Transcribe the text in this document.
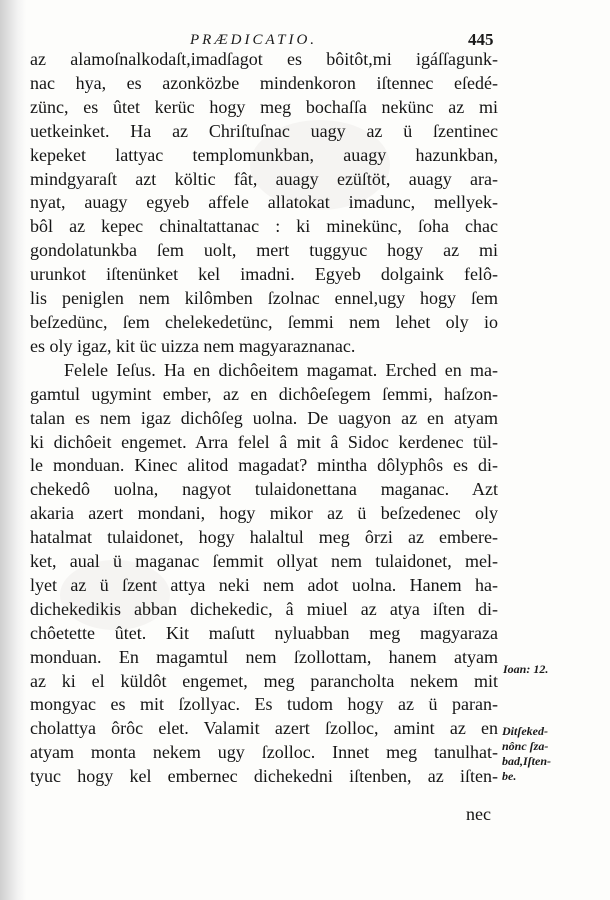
PRÆDICATIO.	445
az alamoſnalkodaſt,imadſagot es bôitôt,mi igáſſagunk-
nac hya, es azonközbe mindenkoron iſtennec eſedé-
zünc, es ûtet kerüc hogy meg bochaſſa nekünc az mi
uetkeinket. Ha az Chriſtuſnac uagy az ü ſzentinec
kepeket lattyac templomunkban, auagy hazunkban,
mindgyaraſt azt költic fât, auagy ezüſtöt, auagy ara-
nyat, auagy egyeb affele allatokat imadunc, mellyek-
bôl az kepec chinaltattanac : ki minekünc, ſoha chac
gondolatunkba ſem uolt, mert tuggyuc hogy az mi
urunkot iſtenünket kel imadni. Egyeb dolgaink felô-
lis peniglen nem kilômben ſzolnac ennel,ugy hogy ſem
beſzedünc, ſem chelekedetünc, ſemmi nem lehet oly io
es oly igaz, kit üc uizza nem magyaraznanac.
Felele Ieſus. Ha en dichôeitem magamat. Erched en ma-
gamtul ugymint ember, az en dichôeſegem ſemmi, haſzon-
talan es nem igaz dichôſeg uolna. De uagyon az en atyam
ki dichôeit engemet. Arra felel â mit â Sidoc kerdenec tül-
le monduan. Kinec alitod magadat? mintha dôlyphôs es di-
chekedô uolna, nagyot tulaidonettana maganac. Azt
akaria azert mondani, hogy mikor az ü beſzedenec oly
hatalmat tulaidonet, hogy halaltul meg ôrzi az embere-
ket, aual ü maganac ſemmit ollyat nem tulaidonet, mel-
lyet az ü ſzent attya neki nem adot uolna. Hanem ha-
dichekedikis abban dichekedic, â miuel az atya iſten di-
chôetette ûtet. Kit maſutt nyluabban meg magyaraza
monduan. En magamtul nem ſzollottam, hanem atyam
az ki el küldôt engemet, meg parancholta nekem mit
mongyac es mit ſzollyac. Es tudom hogy az ü paran-
cholattya ôrôc elet. Valamit azert ſzolloc, amint az en
atyam monta nekem ugy ſzolloc. Innet meg tanulhat-
tyuc hogy kel embernec dichekedni iſtenben, az iſten-
nec
Ioan: 12.
Ditſeked-
nônc ſza-
bad,Iſten-
be.
